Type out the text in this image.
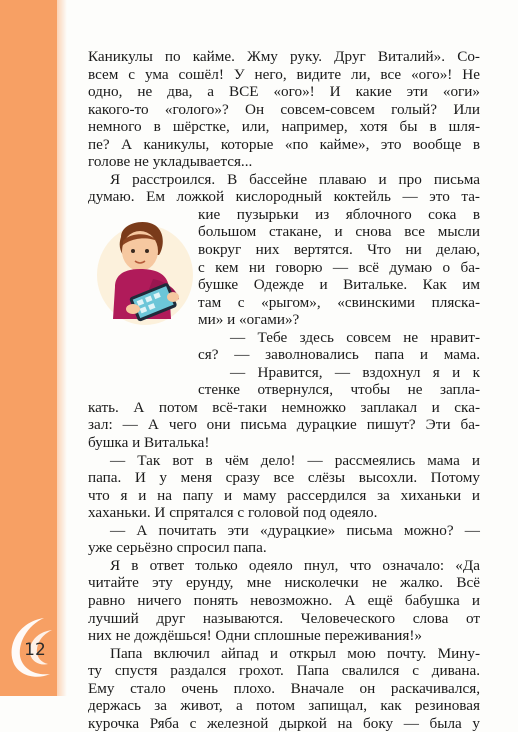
12

Каникулы по кайме. Жму руку. Друг Виталий». Со-

всем с ума сошёл! У него, видите ли, все «ого»! Не

одно, не два, а ВСЕ «ого»! И какие эти «оги»

какого-то «голого»? Он совсем-совсем голый? Или

немного в шёрстке, или, например, хотя бы в шля-

пе? А каникулы, которые «по кайме», это вообще в

голове не укладывается...

Я расстроился. В бассейне плаваю и про письма

думаю. Ем ложкой кислородный коктейль — это та-

кие пузырьки из яблочного сока в

большом стакане, и снова все мысли

вокруг них вертятся. Что ни делаю,

с кем ни говорю — всё думаю о ба-

бушке Одежде и Витальке. Как им

там с «рыгом», «свинскими пляска-

ми» и «огами»?

— Тебе здесь совсем не нравит-

ся? — заволновались папа и мама.

— Нравится, — вздохнул я и к

стенке отвернулся, чтобы не запла-

кать. А потом всё-таки немножко заплакал и ска-

зал: — А чего они письма дурацкие пишут? Эти ба-

бушка и Виталька!

— Так вот в чём дело! — рассмеялись мама и

папа. И у меня сразу все слёзы высохли. Потому

что я и на папу и маму рассердился за хиханьки и

хаханьки. И спрятался с головой под одеяло.

— А почитать эти «дурацкие» письма можно? —

уже серьёзно спросил папа.

Я в ответ только одеяло пнул, что означало: «Да

читайте эту ерунду, мне нисколечки не жалко. Всё

равно ничего понять невозможно. А ещё бабушка и

лучший друг называются. Человеческого слова от

них не дождёшься! Одни сплошные переживания!»

Папа включил айпад и открыл мою почту. Мину-

ту спустя раздался грохот. Папа свалился с дивана.

Ему стало очень плохо. Вначале он раскачивался,

держась за живот, а потом запищал, как резиновая

курочка Ряба с железной дыркой на боку — была у
